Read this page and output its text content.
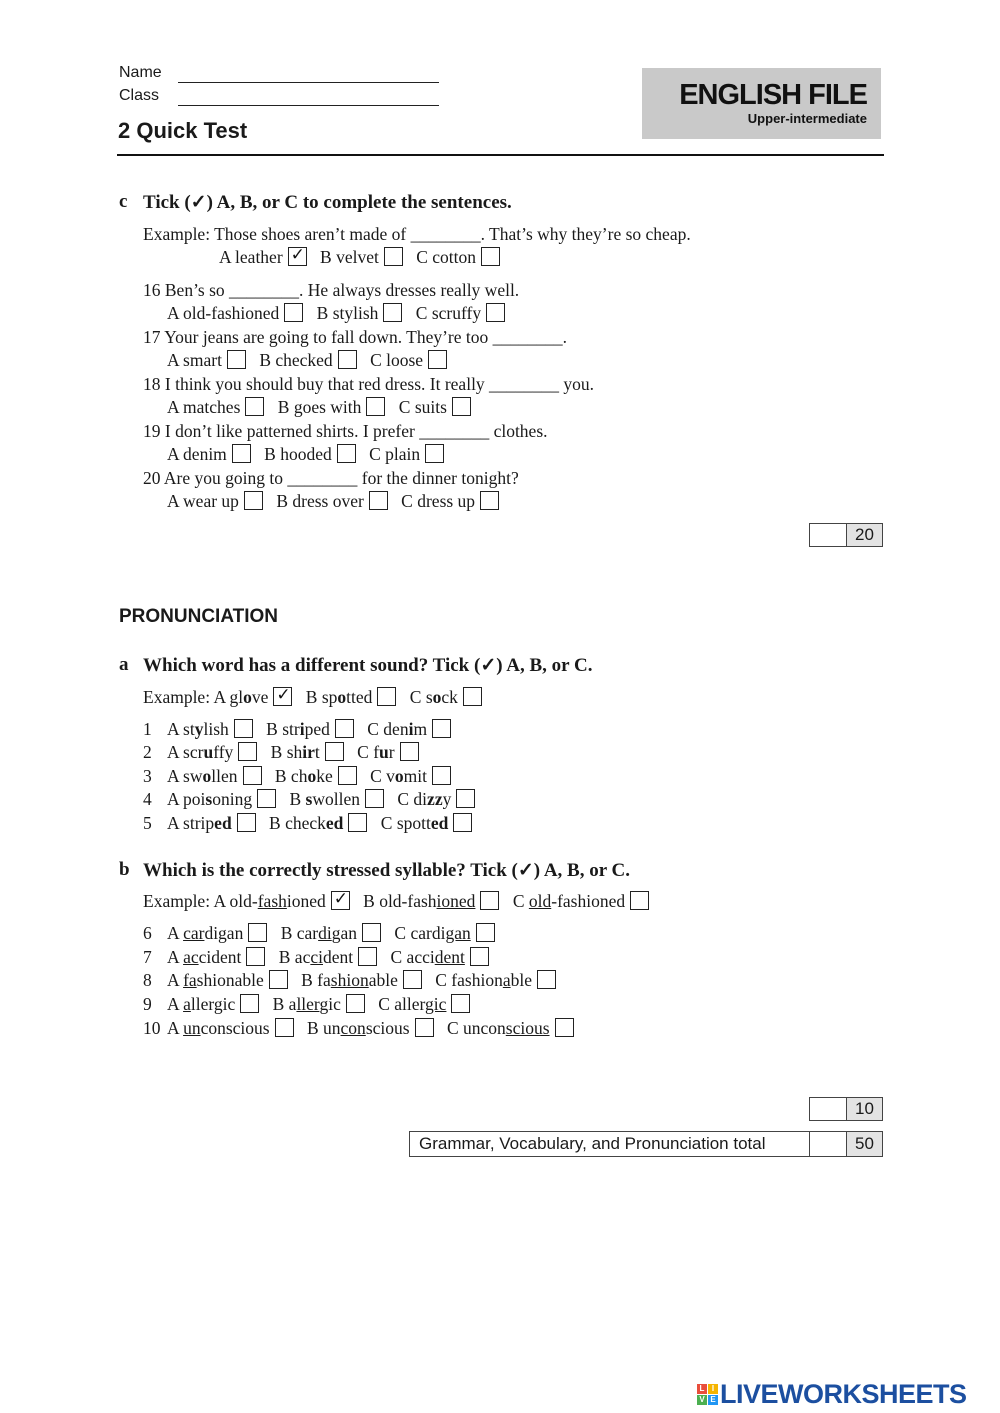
Name
Class
2 Quick Test
ENGLISH FILE
Upper-intermediate
c Tick (✓) A, B, or C to complete the sentences.
Example: Those shoes aren’t made of ________. That’s why they’re so cheap.
A leather ✓ B velvet C cotton
16 Ben’s so ________. He always dresses really well.
A old-fashioned B stylish C scruffy
17 Your jeans are going to fall down. They’re too ________.
A smart B checked C loose
18 I think you should buy that red dress. It really ________ you.
A matches B goes with C suits
19 I don’t like patterned shirts. I prefer ________ clothes.
A denim B hooded C plain
20 Are you going to ________ for the dinner tonight?
A wear up B dress over C dress up
20
PRONUNCIATION
a Which word has a different sound? Tick (✓) A, B, or C.
Example: A glove ✓ B spotted C sock
1 A stylish B striped C denim
2 A scruffy B shirt C fur
3 A swollen B choke C vomit
4 A poisoning B swollen C dizzy
5 A striped B checked C spotted
b Which is the correctly stressed syllable? Tick (✓) A, B, or C.
Example: A old-fashioned ✓ B old-fashioned C old-fashioned
6 A cardigan B cardigan C cardigan
7 A accident B accident C accident
8 A fashionable B fashionable C fashionable
9 A allergic B allergic C allergic
10 A unconscious B unconscious C unconscious
10
Grammar, Vocabulary, and Pronunciation total	50
L I
V E LIVEWORKSHEETS
